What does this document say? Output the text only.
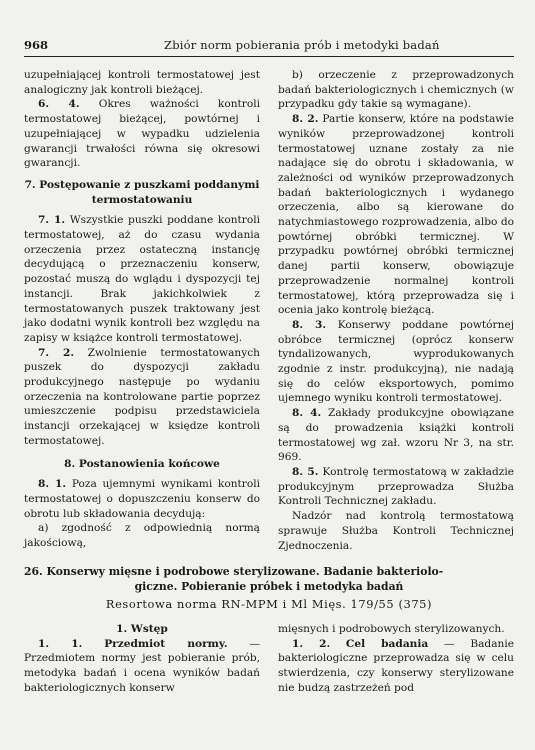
968	Zbiór norm pobierania prób i metodyki badań

uzupełniającej kontroli termostatowej jest analogiczny jak kontroli bieżącej.

6. 4. Okres ważności kontroli termostatowej bieżącej, powtórnej i uzupełniającej w wypadku udzielenia gwarancji trwałości równa się okresowi gwarancji.

7. Postępowanie z puszkami poddanymi termostatowaniu

7. 1. Wszystkie puszki poddane kontroli termostatowej, aż do czasu wydania orzeczenia przez ostateczną instancję decydującą o przeznaczeniu konserw, pozostać muszą do wglądu i dyspozycji tej instancji. Brak jakichkolwiek z termostatowanych puszek traktowany jest jako dodatni wynik kontroli bez względu na zapisy w książce kontroli termostatowej.

7. 2. Zwolnienie termostatowanych puszek do dyspozycji zakładu produkcyjnego następuje po wydaniu orzeczenia na kontrolowane partie poprzez umieszczenie podpisu przedstawiciela instancji orzekającej w księdze kontroli termostatowej.

8. Postanowienia końcowe

8. 1. Poza ujemnymi wynikami kontroli termostatowej o dopuszczeniu konserw do obrotu lub składowania decydują:

a) zgodność z odpowiednią normą jakościową,

b) orzeczenie z przeprowadzonych badań bakteriologicznych i chemicznych (w przypadku gdy takie są wymagane).

8. 2. Partie konserw, które na podstawie wyników przeprowadzonej kontroli termostatowej uznane zostały za nie nadające się do obrotu i składowania, w zależności od wyników przeprowadzonych badań bakteriologicznych i wydanego orzeczenia, albo są kierowane do natychmiastowego rozprowadzenia, albo do powtórnej obróbki termicznej. W przypadku powtórnej obróbki termicznej danej partii konserw, obowiązuje przeprowadzenie normalnej kontroli termostatowej, którą przeprowadza się i ocenia jako kontrolę bieżącą.

8. 3. Konserwy poddane powtórnej obróbce termicznej (oprócz konserw tyndalizowanych, wyprodukowanych zgodnie z instr. produkcyjną), nie nadają się do celów eksportowych, pomimo ujemnego wyniku kontroli termostatowej.

8. 4. Zakłady produkcyjne obowiązane są do prowadzenia książki kontroli termostatowej wg zał. wzoru Nr 3, na str. 969.

8. 5. Kontrolę termostatową w zakładzie produkcyjnym przeprowadza Służba Kontroli Technicznej zakładu.

Nadzór nad kontrolą termostatową sprawuje Służba Kontroli Technicznej Zjednoczenia.

26. Konserwy mięsne i podrobowe sterylizowane. Badanie bakteriolo-
giczne. Pobieranie próbek i metodyka badań
Resortowa norma RN-MPM i Ml Mięs. 179/55 (375)

1. Wstęp

1. 1. Przedmiot normy. — Przedmiotem normy jest pobieranie prób, metodyka badań i ocena wyników badań bakteriologicznych konserw

mięsnych i podrobowych sterylizowanych.

1. 2. Cel badania — Badanie bakteriologiczne przeprowadza się w celu stwierdzenia, czy konserwy sterylizowane nie budzą zastrzeżeń pod
